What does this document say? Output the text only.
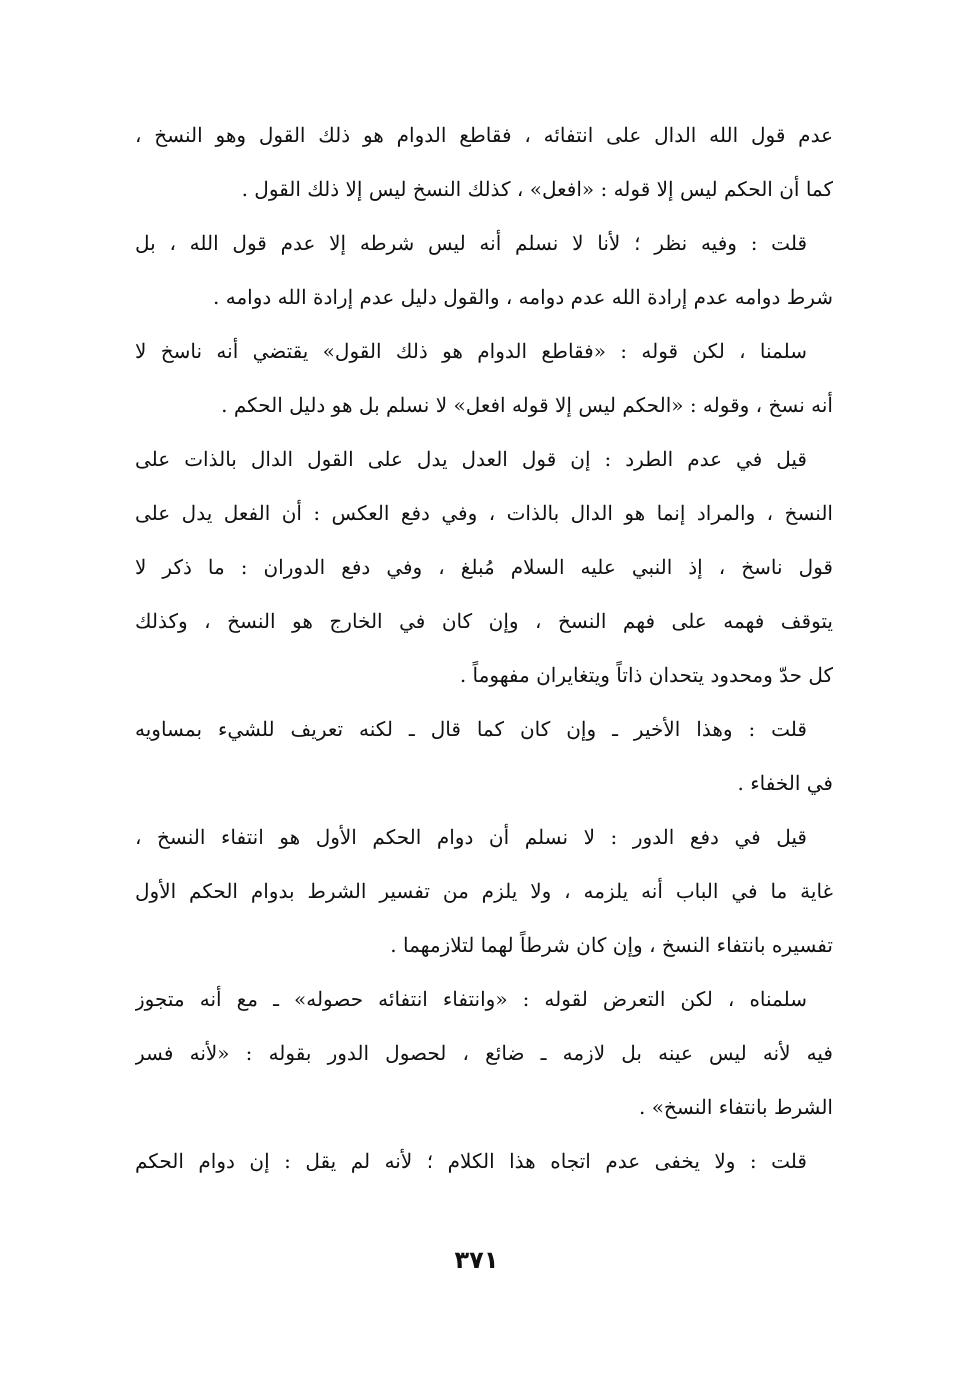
عدم قول الله الدال على انتفائه ، فقاطع الدوام هو ذلك القول وهو النسخ ،
كما أن الحكم ليس إلا قوله : «افعل» ، كذلك النسخ ليس إلا ذلك القول .
قلت : وفيه نظر ؛ لأنا لا نسلم أنه ليس شرطه إلا عدم قول الله ، بل
شرط دوامه عدم إرادة الله عدم دوامه ، والقول دليل عدم إرادة الله دوامه .
سلمنا ، لكن قوله : «فقاطع الدوام هو ذلك القول» يقتضي أنه ناسخ لا
أنه نسخ ، وقوله : «الحكم ليس إلا قوله افعل» لا نسلم بل هو دليل الحكم .
قيل في عدم الطرد : إن قول العدل يدل على القول الدال بالذات على
النسخ ، والمراد إنما هو الدال بالذات ، وفي دفع العكس : أن الفعل يدل على
قول ناسخ ، إذ النبي عليه السلام مُبلغ ، وفي دفع الدوران : ما ذكر لا
يتوقف فهمه على فهم النسخ ، وإن كان في الخارج هو النسخ ، وكذلك
كل حدّ ومحدود يتحدان ذاتاً ويتغايران مفهوماً .
قلت : وهذا الأخير ـ وإن كان كما قال ـ لكنه تعريف للشيء بمساويه
في الخفاء .
قيل في دفع الدور : لا نسلم أن دوام الحكم الأول هو انتفاء النسخ ،
غاية ما في الباب أنه يلزمه ، ولا يلزم من تفسير الشرط بدوام الحكم الأول
تفسيره بانتفاء النسخ ، وإن كان شرطاً لهما لتلازمهما .
سلمناه ، لكن التعرض لقوله : «وانتفاء انتفائه حصوله» ـ مع أنه متجوز
فيه لأنه ليس عينه بل لازمه ـ ضائع ، لحصول الدور بقوله : «لأنه فسر
الشرط بانتفاء النسخ» .
قلت : ولا يخفى عدم اتجاه هذا الكلام ؛ لأنه لم يقل : إن دوام الحكم
٣٧١
